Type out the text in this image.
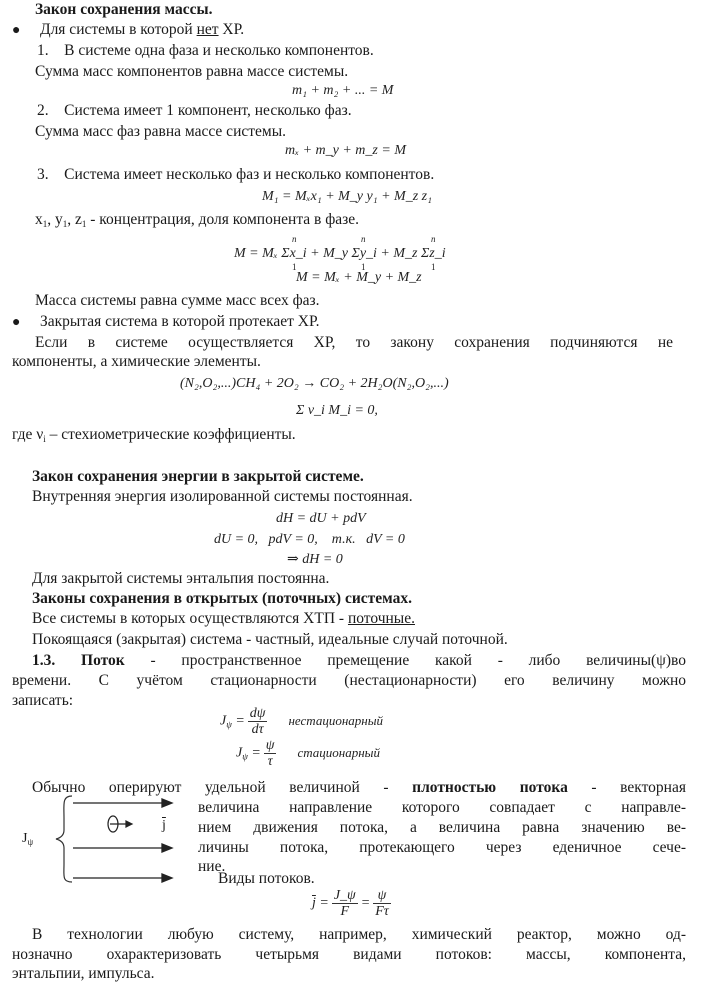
Закон сохранения массы.
● Для системы в которой нет ХР.
1. В системе одна фаза и несколько компонентов.
Сумма масс компонентов равна массе системы.
m₁ + m₂ + ... = M
2. Система имеет 1 компонент, несколько фаз.
Сумма масс фаз равна массе системы.
mₓ + m_y + m_z = M
3. Система имеет несколько фаз и несколько компонентов.
M₁ = Mₓx₁ + M_y y₁ + M_z z₁
$x_1$, $y_1$, $z_1$ - концентрация, доля компонента в фазе.
M = Mₓ Σx_i + M_y Σy_i + M_z Σz_i
n
1
n
1
n
1
M = Mₓ + M_y + M_z
Масса системы равна сумме масс всех фаз.
● Закрытая система в которой протекает ХР.
Если в системе осуществляется ХР, то закону сохранения подчиняются не
компоненты, а химические элементы.
(N₂,O₂,...)CH₄ + 2O₂ → CO₂ + 2H₂O(N₂,O₂,...)
Σ ν_i M_i = 0,
где $\nu_i$ – стехиометрические коэффициенты.
Закон сохранения энергии в закрытой системе.
Внутренняя энергия изолированной системы постоянная.
dH = dU + pdV
dU = 0,   pdV = 0,    т.к.   dV = 0
⇒ dH = 0
Для закрытой системы энтальпия постоянна.
Законы сохранения в открытых (поточных) системах.
Все системы в которых осуществляются ХТП - поточные.
Покоящаяся (закрытая) система - частный, идеальные случай поточной.
1.3. Поток - пространственное премещение какой - либо величины(ψ)во
времени. С учётом стационарности (нестационарности) его величину можно
записать:
$J_\psi = \frac{d\psi}{d\tau}$ нестационарный
$J_\psi = \frac{\psi}{\tau}$ стационарный
Обычно оперируют удельной величиной - плотностью потока - векторная
величина направление которого совпадает с направле-
нием движения потока, а величина равна значению ве-
личины потока, протекающего через еденичное сече-
ние.
$J_\psi$
$\overline{j}$
Виды потоков.
$\overline{j} = \frac{J\_\psi}{F} = \frac{\psi}{F\tau}$
В технологии любую систему, например, химический реактор, можно од-
нозначно охарактеризовать четырьмя видами потоков: массы, компонента,
энтальпии, импульса.
